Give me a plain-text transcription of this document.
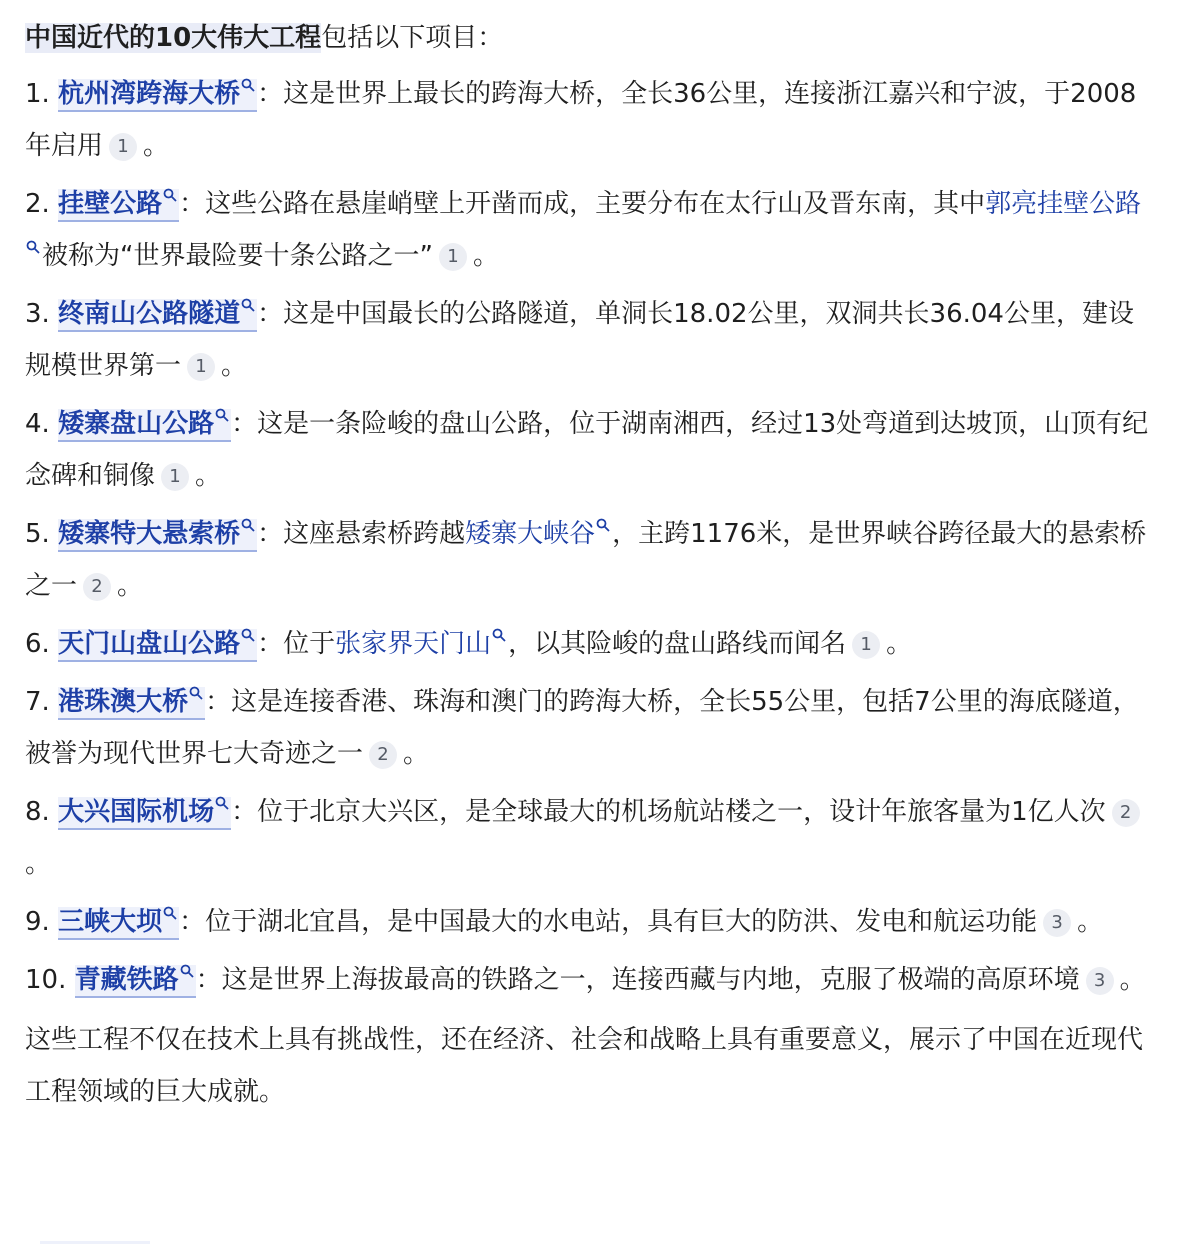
中国近代的10大伟大工程包括以下项目：

1. 杭州湾跨海大桥 ：这是世界上最长的跨海大桥，全长36公里，连接浙江嘉兴和宁波，于2008年启用 1 。

2. 挂壁公路 ：这些公路在悬崖峭壁上开凿而成，主要分布在太行山及晋东南，其中郭亮挂壁公路
被称为“世界最险要十条公路之一” 1 。

3. 终南山公路隧道 ：这是中国最长的公路隧道，单洞长18.02公里，双洞共长36.04公里，建设规模世界第一 1 。

4. 矮寨盘山公路 ：这是一条险峻的盘山公路，位于湖南湘西，经过13处弯道到达坡顶，山顶有纪念碑和铜像 1 。

5. 矮寨特大悬索桥 ：这座悬索桥跨越矮寨大峡谷 ，主跨1176米，是世界峡谷跨径最大的悬索桥之一 2 。

6. 天门山盘山公路 ：位于张家界天门山 ，以其险峻的盘山路线而闻名 1 。

7. 港珠澳大桥 ：这是连接香港、珠海和澳门的跨海大桥，全长55公里，包括7公里的海底隧道，被誉为现代世界七大奇迹之一 2 。

8. 大兴国际机场 ：位于北京大兴区，是全球最大的机场航站楼之一，设计年旅客量为1亿人次 2。

9. 三峡大坝 ：位于湖北宜昌，是中国最大的水电站，具有巨大的防洪、发电和航运功能 3 。

10. 青藏铁路 ：这是世界上海拔最高的铁路之一，连接西藏与内地，克服了极端的高原环境 3 。

这些工程不仅在技术上具有挑战性，还在经济、社会和战略上具有重要意义，展示了中国在近现代工程领域的巨大成就。
